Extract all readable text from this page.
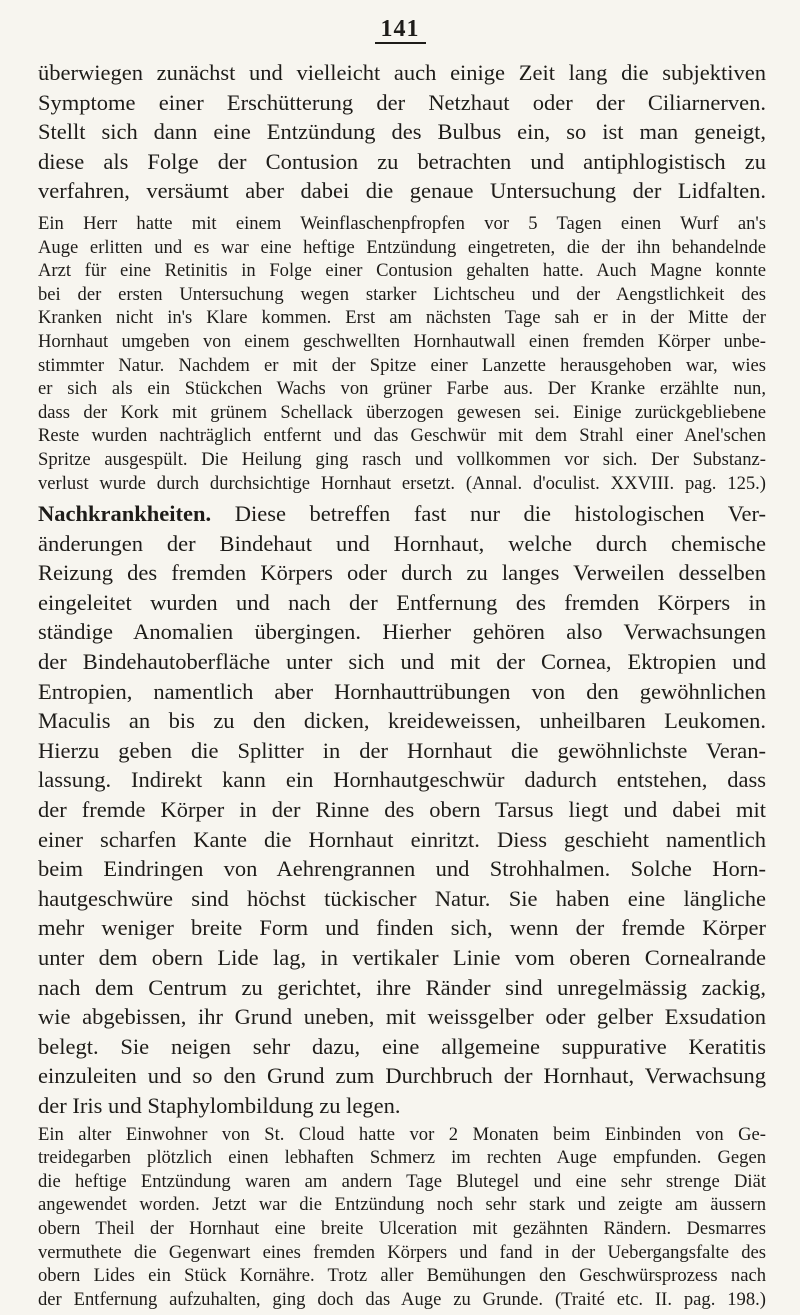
141

überwiegen zunächst und vielleicht auch einige Zeit lang die subjektiven
Symptome einer Erschütterung der Netzhaut oder der Ciliarnerven.
Stellt sich dann eine Entzündung des Bulbus ein, so ist man geneigt,
diese als Folge der Contusion zu betrachten und antiphlogistisch zu
verfahren, versäumt aber dabei die genaue Untersuchung der Lidfalten.

Ein Herr hatte mit einem Weinflaschenpfropfen vor 5 Tagen einen Wurf an's
Auge erlitten und es war eine heftige Entzündung eingetreten, die der ihn behandelnde
Arzt für eine Retinitis in Folge einer Contusion gehalten hatte. Auch Magne konnte
bei der ersten Untersuchung wegen starker Lichtscheu und der Aengstlichkeit des
Kranken nicht in's Klare kommen. Erst am nächsten Tage sah er in der Mitte der
Hornhaut umgeben von einem geschwellten Hornhautwall einen fremden Körper unbe-
stimmter Natur. Nachdem er mit der Spitze einer Lanzette herausgehoben war, wies
er sich als ein Stückchen Wachs von grüner Farbe aus. Der Kranke erzählte nun,
dass der Kork mit grünem Schellack überzogen gewesen sei. Einige zurückgebliebene
Reste wurden nachträglich entfernt und das Geschwür mit dem Strahl einer Anel'schen
Spritze ausgespült. Die Heilung ging rasch und vollkommen vor sich. Der Substanz-
verlust wurde durch durchsichtige Hornhaut ersetzt. (Annal. d'oculist. XXVIII. pag. 125.)

Nachkrankheiten. Diese betreffen fast nur die histologischen Ver-
änderungen der Bindehaut und Hornhaut, welche durch chemische
Reizung des fremden Körpers oder durch zu langes Verweilen desselben
eingeleitet wurden und nach der Entfernung des fremden Körpers in
ständige Anomalien übergingen. Hierher gehören also Verwachsungen
der Bindehautoberfläche unter sich und mit der Cornea, Ektropien und
Entropien, namentlich aber Hornhauttrübungen von den gewöhnlichen
Maculis an bis zu den dicken, kreideweissen, unheilbaren Leukomen.
Hierzu geben die Splitter in der Hornhaut die gewöhnlichste Veran-
lassung. Indirekt kann ein Hornhautgeschwür dadurch entstehen, dass
der fremde Körper in der Rinne des obern Tarsus liegt und dabei mit
einer scharfen Kante die Hornhaut einritzt. Diess geschieht namentlich
beim Eindringen von Aehrengrannen und Strohhalmen. Solche Horn-
hautgeschwüre sind höchst tückischer Natur. Sie haben eine längliche
mehr weniger breite Form und finden sich, wenn der fremde Körper
unter dem obern Lide lag, in vertikaler Linie vom oberen Cornealrande
nach dem Centrum zu gerichtet, ihre Ränder sind unregelmässig zackig,
wie abgebissen, ihr Grund uneben, mit weissgelber oder gelber Exsudation
belegt. Sie neigen sehr dazu, eine allgemeine suppurative Keratitis
einzuleiten und so den Grund zum Durchbruch der Hornhaut, Verwachsung
der Iris und Staphylombildung zu legen.

Ein alter Einwohner von St. Cloud hatte vor 2 Monaten beim Einbinden von Ge-
treidegarben plötzlich einen lebhaften Schmerz im rechten Auge empfunden. Gegen
die heftige Entzündung waren am andern Tage Blutegel und eine sehr strenge Diät
angewendet worden. Jetzt war die Entzündung noch sehr stark und zeigte am äussern
obern Theil der Hornhaut eine breite Ulceration mit gezähnten Rändern. Desmarres
vermuthete die Gegenwart eines fremden Körpers und fand in der Uebergangsfalte des
obern Lides ein Stück Kornähre. Trotz aller Bemühungen den Geschwürsprozess nach
der Entfernung aufzuhalten, ging doch das Auge zu Grunde. (Traité etc. II. pag. 198.)
